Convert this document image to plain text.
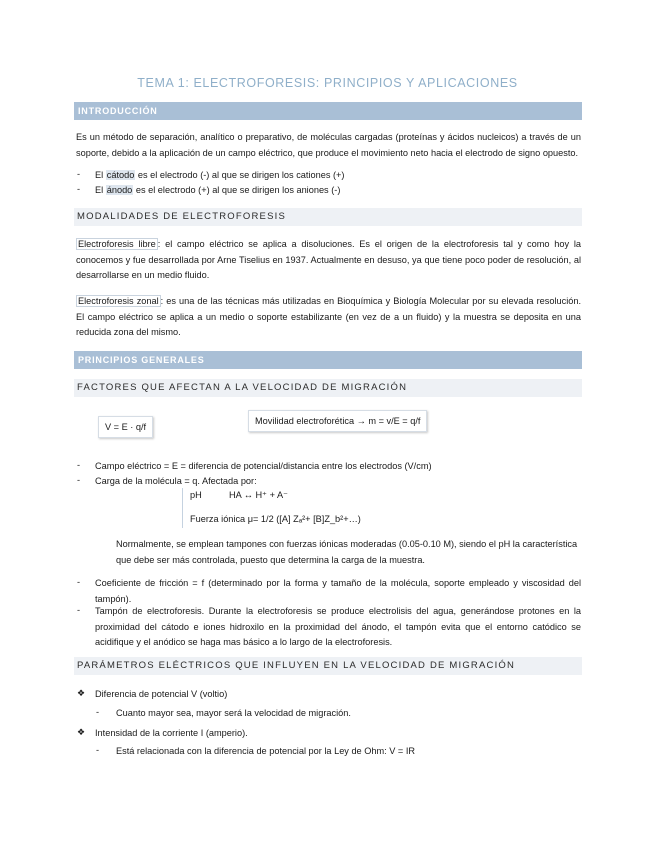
TEMA 1: ELECTROFORESIS: PRINCIPIOS Y APLICACIONES
INTRODUCCIÓN
Es un método de separación, analítico o preparativo, de moléculas cargadas (proteínas y ácidos nucleicos) a través de un soporte, debido a la aplicación de un campo eléctrico, que produce el movimiento neto hacia el electrodo de signo opuesto.
- El cátodo es el electrodo (-) al que se dirigen los cationes (+)
- El ánodo es el electrodo (+) al que se dirigen los aniones (-)
MODALIDADES DE ELECTROFORESIS
Electroforesis libre : el campo eléctrico se aplica a disoluciones. Es el origen de la electroforesis tal y como hoy la conocemos y fue desarrollada por Arne Tiselius en 1937. Actualmente en desuso, ya que tiene poco poder de resolución, al desarrollarse en un medio fluido.
Electroforesis zonal : es una de las técnicas más utilizadas en Bioquímica y Biología Molecular por su elevada resolución. El campo eléctrico se aplica a un medio o soporte estabilizante (en vez de a un fluido) y la muestra se deposita en una reducida zona del mismo.
PRINCIPIOS GENERALES
FACTORES QUE AFECTAN A LA VELOCIDAD DE MIGRACIÓN
V = E · q/f
Movilidad electroforética → m = v/E = q/f
- Campo eléctrico = E = diferencia de potencial/distancia entre los electrodos (V/cm)
- Carga de la molécula = q. Afectada por:
pH	HA ↔ H⁺ + A⁻
Fuerza iónica μ= 1/2 ([A] Zₐ²+ [B]Z_b²+…)
Normalmente, se emplean tampones con fuerzas iónicas moderadas (0.05-0.10 M), siendo el pH la característica que debe ser más controlada, puesto que determina la carga de la muestra.
- Coeficiente de fricción = f (determinado por la forma y tamaño de la molécula, soporte empleado y viscosidad del tampón).
- Tampón de electroforesis. Durante la electroforesis se produce electrolisis del agua, generándose protones en la proximidad del cátodo e iones hidroxilo en la proximidad del ánodo, el tampón evita que el entorno catódico se acidifique y el anódico se haga mas básico a lo largo de la electroforesis.
PARÁMETROS ELÉCTRICOS QUE INFLUYEN EN LA VELOCIDAD DE MIGRACIÓN
❖ Diferencia de potencial V (voltio)
- Cuanto mayor sea, mayor será la velocidad de migración.
❖ Intensidad de la corriente I (amperio).
- Está relacionada con la diferencia de potencial por la Ley de Ohm: V = IR
